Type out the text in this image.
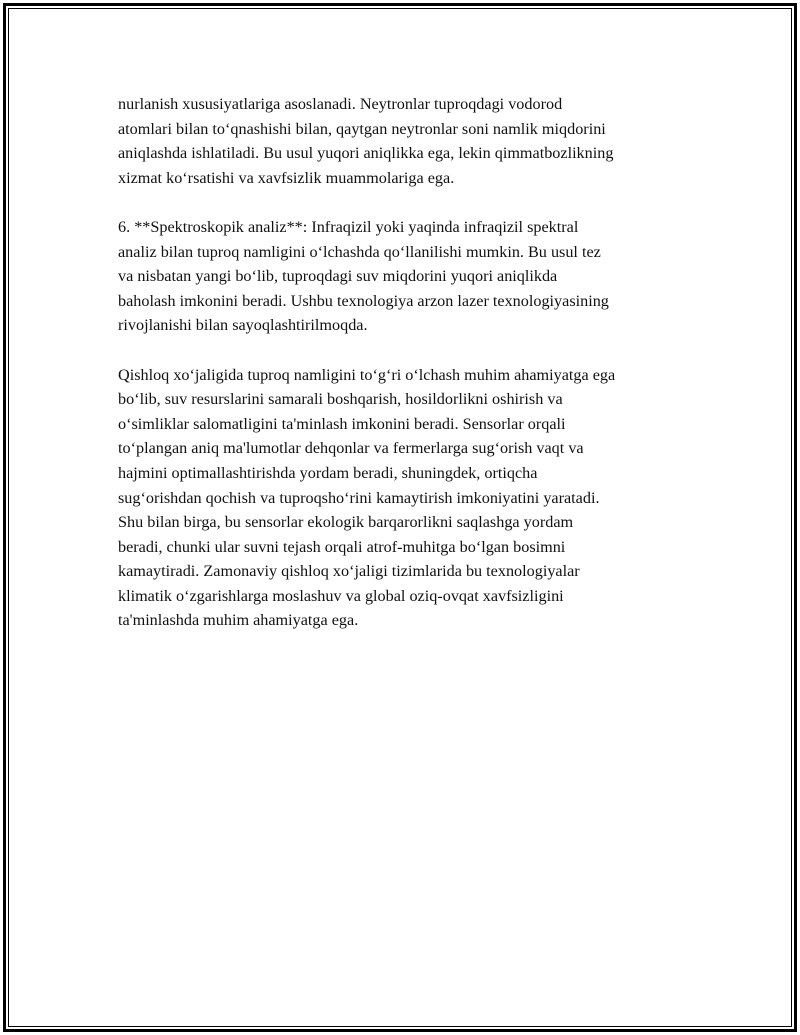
nurlanish xususiyatlariga asoslanadi. Neytronlar tuproqdagi vodorod
atomlari bilan to‘qnashishi bilan, qaytgan neytronlar soni namlik miqdorini
aniqlashda ishlatiladi. Bu usul yuqori aniqlikka ega, lekin qimmatbozlikning
xizmat ko‘rsatishi va xavfsizlik muammolariga ega.

6. **Spektroskopik analiz**: Infraqizil yoki yaqinda infraqizil spektral
analiz bilan tuproq namligini o‘lchashda qo‘llanilishi mumkin. Bu usul tez
va nisbatan yangi bo‘lib, tuproqdagi suv miqdorini yuqori aniqlikda
baholash imkonini beradi. Ushbu texnologiya arzon lazer texnologiyasining
rivojlanishi bilan sayoqlashtirilmoqda.

Qishloq xo‘jaligida tuproq namligini to‘g‘ri o‘lchash muhim ahamiyatga ega
bo‘lib, suv resurslarini samarali boshqarish, hosildorlikni oshirish va
o‘simliklar salomatligini ta'minlash imkonini beradi. Sensorlar orqali
to‘plangan aniq ma'lumotlar dehqonlar va fermerlarga sug‘orish vaqt va
hajmini optimallashtirishda yordam beradi, shuningdek, ortiqcha
sug‘orishdan qochish va tuproqsho‘rini kamaytirish imkoniyatini yaratadi.
Shu bilan birga, bu sensorlar ekologik barqarorlikni saqlashga yordam
beradi, chunki ular suvni tejash orqali atrof-muhitga bo‘lgan bosimni
kamaytiradi. Zamonaviy qishloq xo‘jaligi tizimlarida bu texnologiyalar
klimatik o‘zgarishlarga moslashuv va global oziq-ovqat xavfsizligini
ta'minlashda muhim ahamiyatga ega.
